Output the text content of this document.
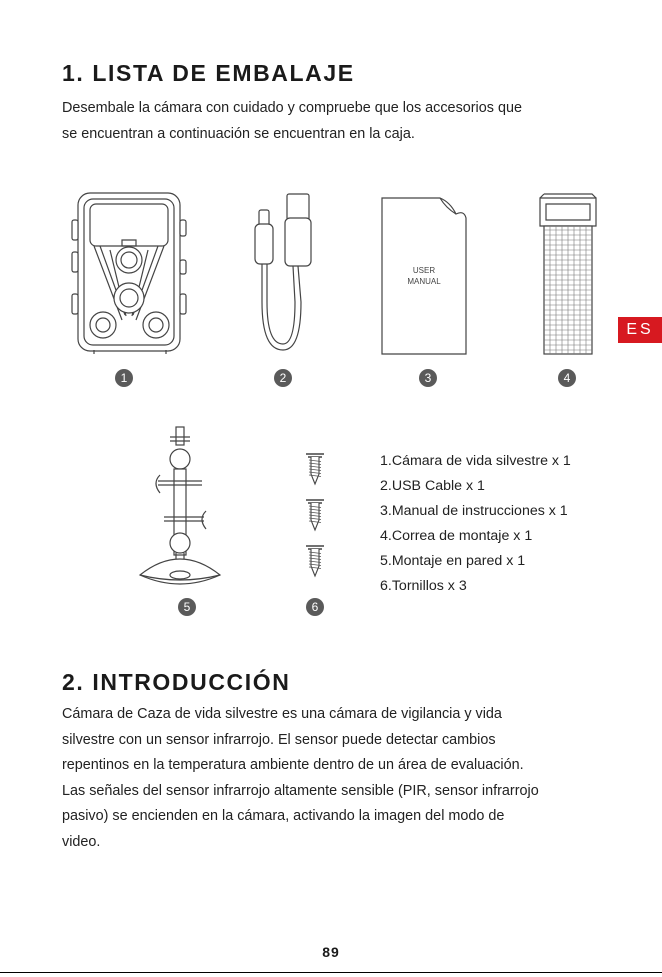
1. LISTA DE EMBALAJE
Desembale la cámara con cuidado y compruebe que los accesorios que
se encuentran a continuación se encuentran en la caja.
ES
1	2
USER
MANUAL
3	4
5	6
1.Cámara de vida silvestre x 1
2.USB Cable x 1
3.Manual de instrucciones x 1
4.Correa de montaje x 1
5.Montaje en pared x 1
6.Tornillos x 3
2. INTRODUCCIÓN
Cámara de Caza de vida silvestre es una cámara de vigilancia y vida
silvestre con un sensor infrarrojo. El sensor puede detectar cambios
repentinos en la temperatura ambiente dentro de un área de evaluación.
Las señales del sensor infrarrojo altamente sensible (PIR, sensor infrarrojo
pasivo) se encienden en la cámara, activando la imagen del modo de
video.
89
